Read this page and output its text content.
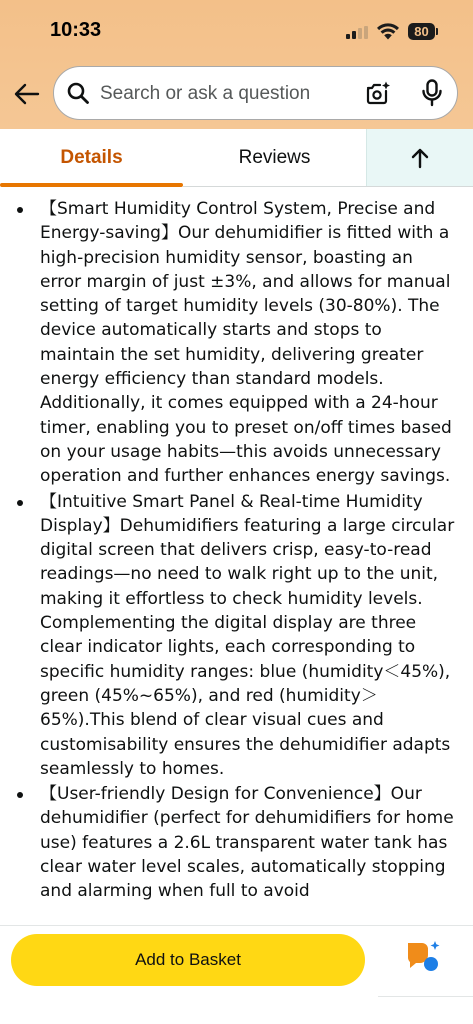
10:33	80
Search or ask a question
Details	Reviews
【Smart Humidity Control System, Precise and Energy-saving】Our dehumidifier is fitted with a high-precision humidity sensor, boasting an error margin of just ±3%, and allows for manual setting of target humidity levels (30-80%). The device automatically starts and stops to maintain the set humidity, delivering greater energy efficiency than standard models. Additionally, it comes equipped with a 24-hour timer, enabling you to preset on/off times based on your usage habits—this avoids unnecessary operation and further enhances energy savings.
【Intuitive Smart Panel & Real-time Humidity Display】Dehumidifiers featuring a large circular digital screen that delivers crisp, easy-to-read readings—no need to walk right up to the unit, making it effortless to check humidity levels. Complementing the digital display are three clear indicator lights, each corresponding to specific humidity ranges: blue (humidity＜45%), green (45%~65%), and red (humidity＞65%).This blend of clear visual cues and customisability ensures the dehumidifier adapts seamlessly to homes.
【User-friendly Design for Convenience】Our dehumidifier (perfect for dehumidifiers for home use) features a 2.6L transparent water tank has clear water level scales, automatically stopping and alarming when full to avoid
Add to Basket
